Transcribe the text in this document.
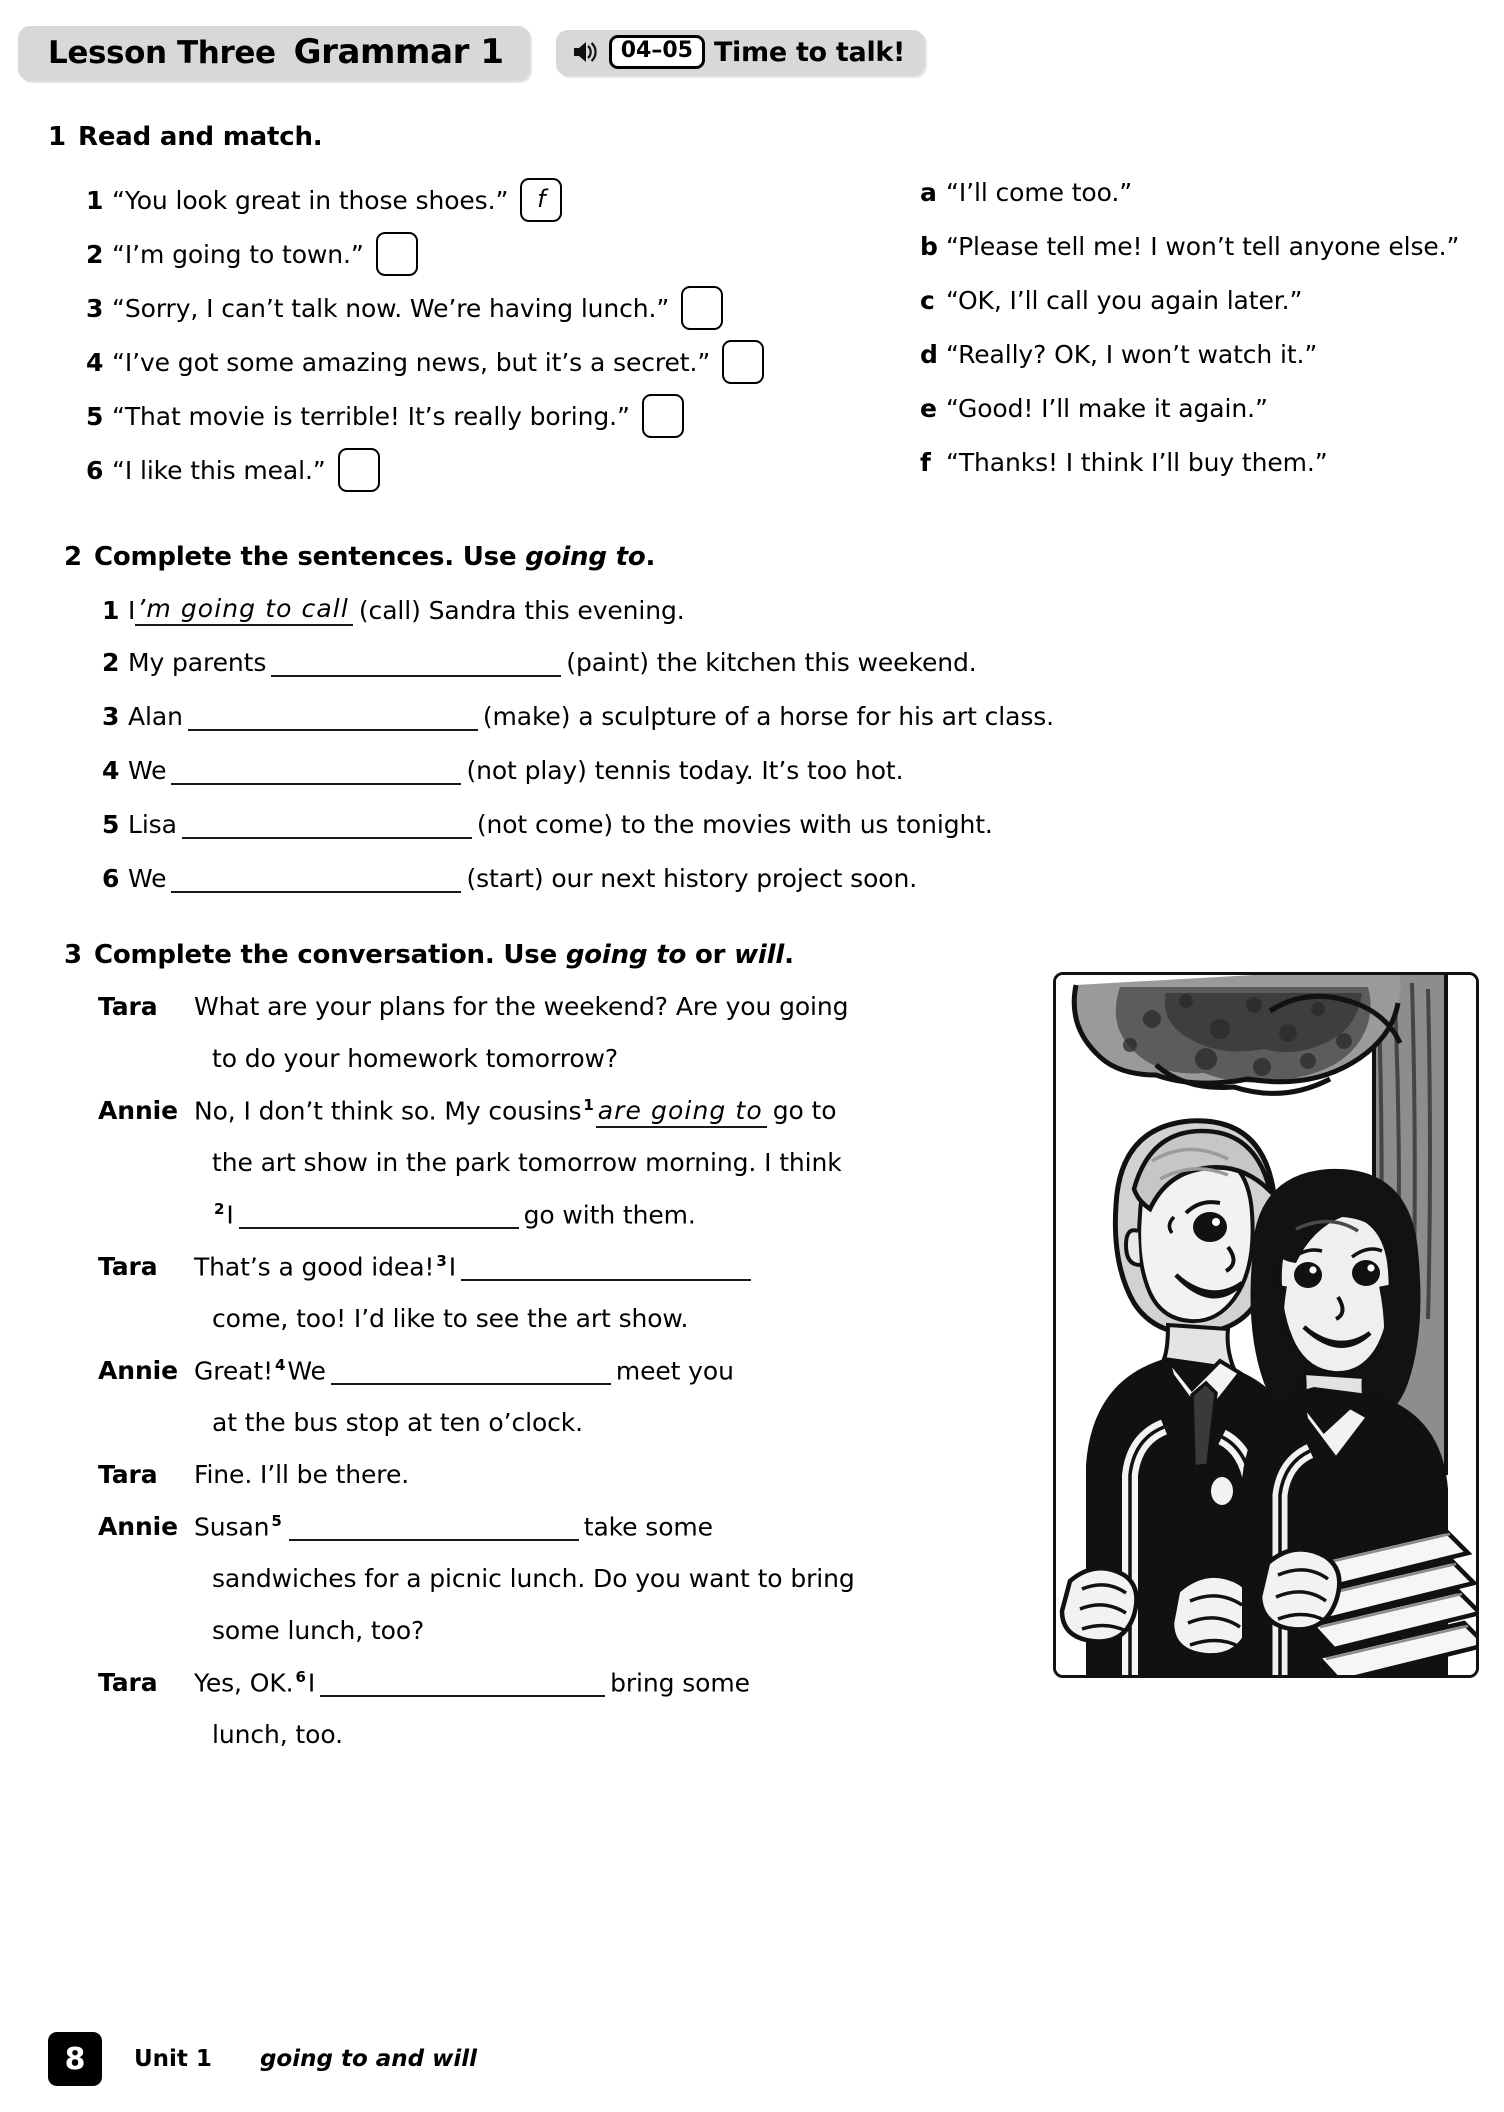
Lesson Three Grammar 1	04–05 Time to talk!
1 Read and match.
1 “You look great in those shoes.”	f
2 “I’m going to town.”
3 “Sorry, I can’t talk now. We’re having lunch.”
4 “I’ve got some amazing news, but it’s a secret.”
5 “That movie is terrible! It’s really boring.”
6 “I like this meal.”
a “I’ll come too.”
b “Please tell me! I won’t tell anyone else.”
c “OK, I’ll call you again later.”
d “Really? OK, I won’t watch it.”
e “Good! I’ll make it again.”
f “Thanks! I think I’ll buy them.”
2 Complete the sentences. Use going to.
1 I ’m going to call (call) Sandra this evening.
2 My parents	(paint) the kitchen this weekend.
3 Alan	(make) a sculpture of a horse for his art class.
4 We	(not play) tennis today. It’s too hot.
5 Lisa	(not come) to the movies with us tonight.
6 We	(start) our next history project soon.
3 Complete the conversation. Use going to or will.
Tara What are your plans for the weekend? Are you going
to do your homework tomorrow?
Annie No, I don’t think so. My cousins $^1$ are going to go to
the art show in the park tomorrow morning. I think
$^2$I	go with them.
Tara That’s a good idea! $^3$I
come, too! I’d like to see the art show.
Annie Great! $^4$We	meet you
at the bus stop at ten o’clock.
Tara Fine. I’ll be there.
Annie Susan $^5$	take some
sandwiches for a picnic lunch. Do you want to bring
some lunch, too?
Tara Yes, OK. $^6$I	bring some
lunch, too.
8	Unit 1 going to and will
